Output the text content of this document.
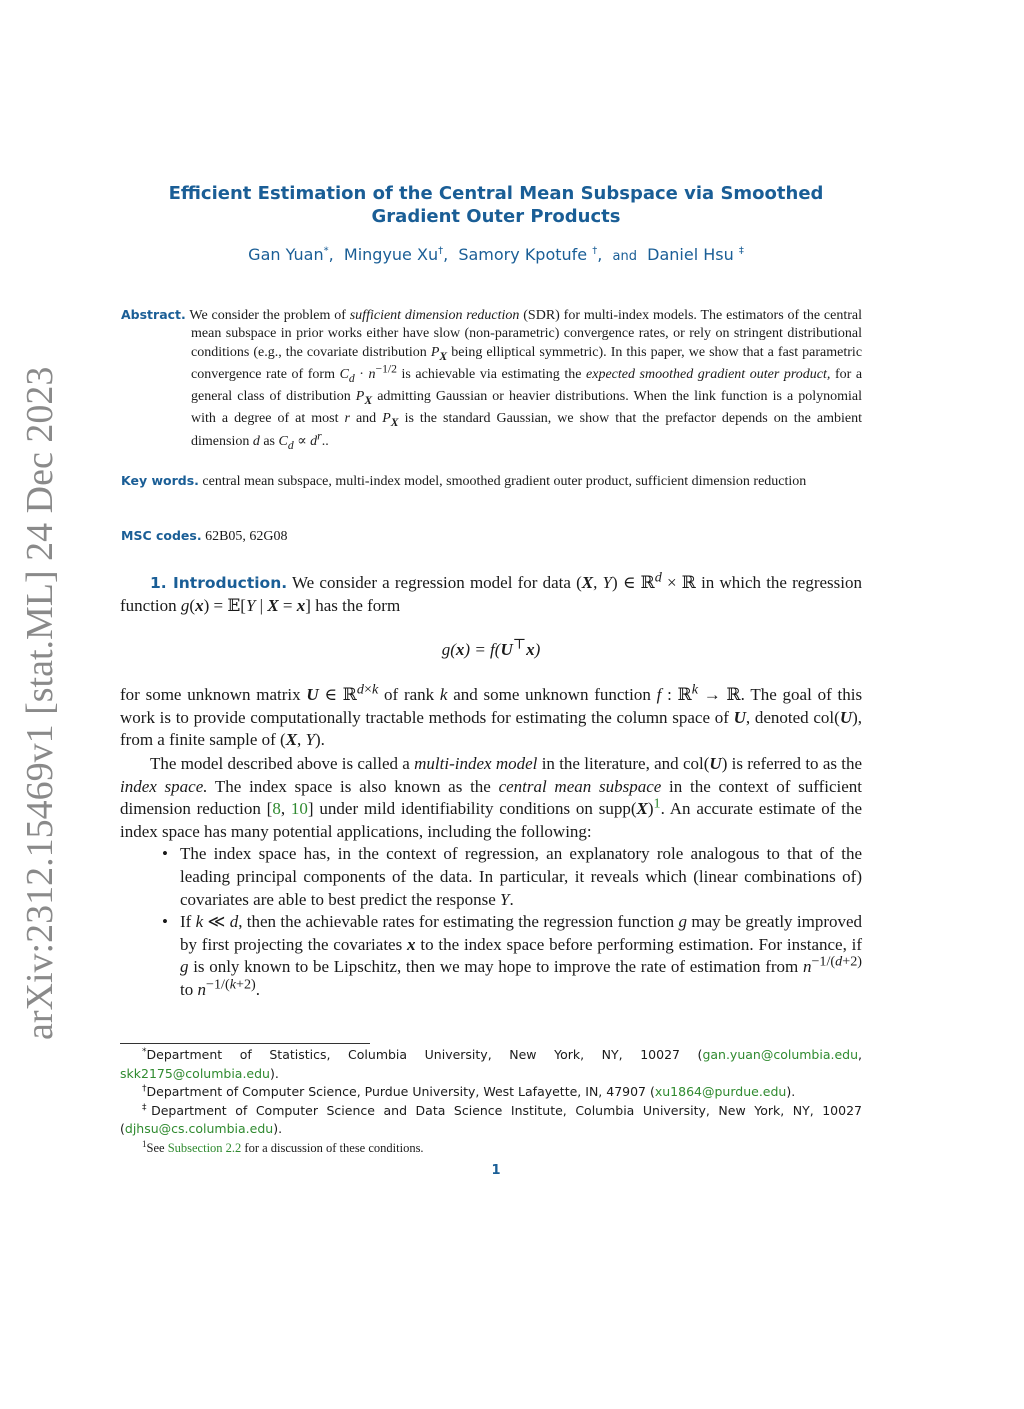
arXiv:2312.15469v1 [stat.ML] 24 Dec 2023
Efficient Estimation of the Central Mean Subspace via Smoothed Gradient Outer Products
Gan Yuan*,  Mingyue Xu†,  Samory Kpotufe †,  and Daniel Hsu ‡
Abstract. We consider the problem of sufficient dimension reduction (SDR) for multi-index models. The estimators of the central mean subspace in prior works either have slow (non-parametric) convergence rates, or rely on stringent distributional conditions (e.g., the covariate distribution $P_X$ being elliptical symmetric). In this paper, we show that a fast parametric convergence rate of form $C_d \cdot n^{-1/2}$ is achievable via estimating the expected smoothed gradient outer product, for a general class of distribution $P_X$ admitting Gaussian or heavier distributions. When the link function is a polynomial with a degree of at most r and $P_X$ is the standard Gaussian, we show that the prefactor depends on the ambient dimension d as $C_d \propto d^r$..
Key words. central mean subspace, multi-index model, smoothed gradient outer product, sufficient dimension reduction
MSC codes. 62B05, 62G08
1. Introduction. We consider a regression model for data (X, Y) ∈ ℝ$^d$ × ℝ in which the regression function g(x) = 𝔼[Y | X = x] has the form
g(x) = f(U⊤x)
for some unknown matrix U ∈ ℝ$^{d\times k}$ of rank k and some unknown function f : ℝ$^k$ → ℝ. The goal of this work is to provide computationally tractable methods for estimating the column space of U, denoted col(U), from a finite sample of (X, Y).
The model described above is called a multi-index model in the literature, and col(U) is referred to as the index space. The index space is also known as the central mean subspace in the context of sufficient dimension reduction [8, 10] under mild identifiability conditions on $supp(X)^1$. An accurate estimate of the index space has many potential applications, including the following:
• The index space has, in the context of regression, an explanatory role analogous to that of the leading principal components of the data. In particular, it reveals which (linear combinations of) covariates are able to best predict the response Y.
• If k ≪ d, then the achievable rates for estimating the regression function g may be greatly improved by first projecting the covariates x to the index space before performing estimation. For instance, if g is only known to be Lipschitz, then we may hope to improve the rate of estimation from $n^{-1/(d+2)}$ to $n^{-1/(k+2)}$.
*Department of Statistics, Columbia University, New York, NY, 10027 (gan.yuan@columbia.edu, skk2175@columbia.edu).
†Department of Computer Science, Purdue University, West Lafayette, IN, 47907 (xu1864@purdue.edu).
‡Department of Computer Science and Data Science Institute, Columbia University, New York, NY, 10027 (djhsu@cs.columbia.edu).
$^1$See Subsection 2.2 for a discussion of these conditions.
1
